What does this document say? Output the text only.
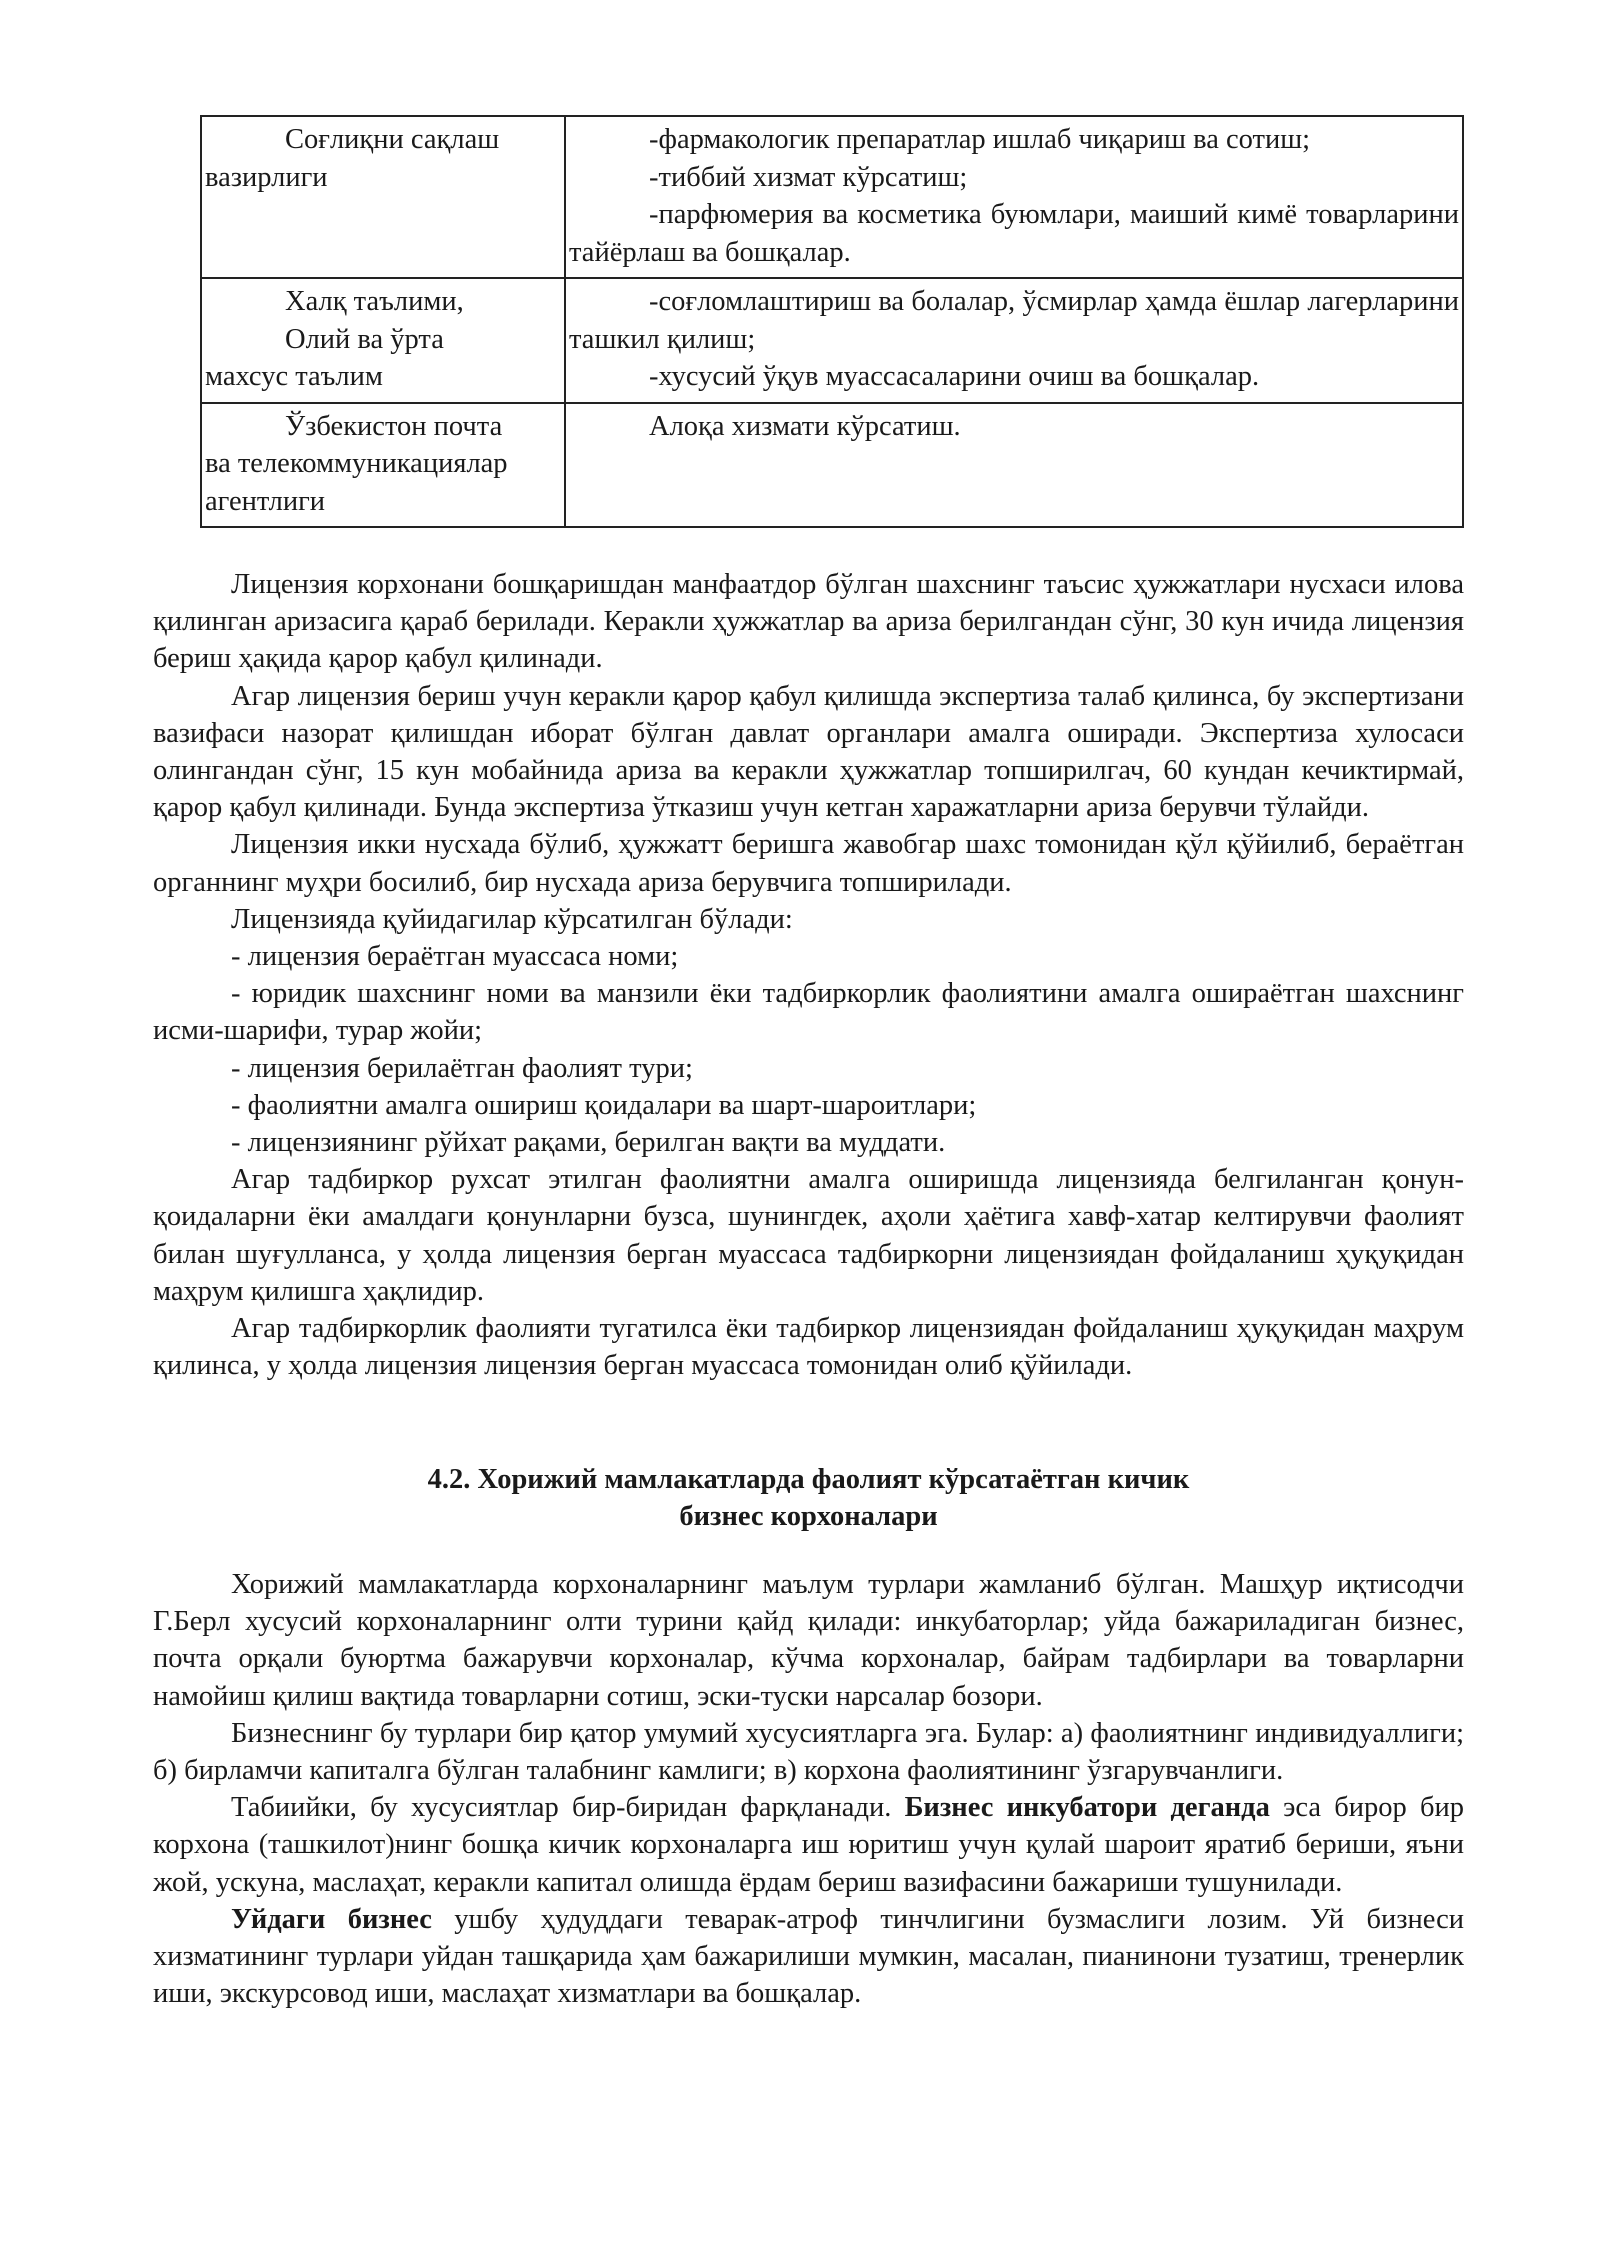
Соғлиқни сақлаш
вазирлиги	-фармакологик препаратлар ишлаб чиқариш ва сотиш;
-тиббий хизмат кўрсатиш;
-парфюмерия ва косметика буюмлари, маиший кимё товарларини тайёрлаш ва бошқалар.

Халқ таълими,
Олий ва ўрта
махсус таълим	-соғломлаштириш ва болалар, ўсмирлар ҳамда ёшлар лагерларини ташкил қилиш;
-хусусий ўқув муассасаларини очиш ва бошқалар.

Ўзбекистон почта
ва телекоммуникациялар
агентлиги	Алоқа хизмати кўрсатиш.

Лицензия корхонани бошқаришдан манфаатдор бўлган шахснинг таъсис ҳужжатлари нусхаси илова қилинган аризасига қараб берилади. Керакли ҳужжатлар ва ариза берилгандан сўнг, 30 кун ичида лицензия бериш ҳақида қарор қабул қилинади.

Агар лицензия бериш учун керакли қарор қабул қилишда экспертиза талаб қилинса, бу экспертизани вазифаси назорат қилишдан иборат бўлган давлат органлари амалга оширади. Экспертиза хулосаси олингандан сўнг, 15 кун мобайнида ариза ва керакли ҳужжатлар топширилгач, 60 кундан кечиктирмай, қарор қабул қилинади. Бунда экспертиза ўтказиш учун кетган харажатларни ариза берувчи тўлайди.

Лицензия икки нусхада бўлиб, ҳужжатт беришга жавобгар шахс томонидан қўл қўйилиб, бераётган органнинг муҳри босилиб, бир нусхада ариза берувчига топширилади.

Лицензияда қуйидагилар кўрсатилган бўлади:

- лицензия бераётган муассаса номи;

- юридик шахснинг номи ва манзили ёки тадбиркорлик фаолиятини амалга ошираётган шахснинг исми-шарифи, турар жойи;

- лицензия берилаётган фаолият тури;

- фаолиятни амалга ошириш қоидалари ва шарт-шароитлари;

- лицензиянинг рўйхат рақами, берилган вақти ва муддати.

Агар тадбиркор рухсат этилган фаолиятни амалга оширишда лицензияда белгиланган қонун-қоидаларни ёки амалдаги қонунларни бузса, шунингдек, аҳоли ҳаётига хавф-хатар келтирувчи фаолият билан шуғулланса, у ҳолда лицензия берган муассаса тадбиркорни лицензиядан фойдаланиш ҳуқуқидан маҳрум қилишга ҳақлидир.

Агар тадбиркорлик фаолияти тугатилса ёки тадбиркор лицензиядан фойдаланиш ҳуқуқидан маҳрум қилинса, у ҳолда лицензия лицензия берган муассаса томонидан олиб қўйилади.

4.2. Хорижий мамлакатларда фаолият кўрсатаётган кичик
бизнес корхоналари

Хорижий мамлакатларда корхоналарнинг маълум турлари жамланиб бўлган. Машҳур иқтисодчи Г.Берл хусусий корхоналарнинг олти турини қайд қилади: инкубаторлар; уйда бажариладиган бизнес, почта орқали буюртма бажарувчи корхоналар, кўчма корхоналар, байрам тадбирлари ва товарларни намойиш қилиш вақтида товарларни сотиш, эски-туски нарсалар бозори.

Бизнеснинг бу турлари бир қатор умумий хусусиятларга эга. Булар: а) фаолиятнинг индивидуаллиги; б) бирламчи капиталга бўлган талабнинг камлиги; в) корхона фаолиятининг ўзгарувчанлиги.

Табиийки, бу хусусиятлар бир-биридан фарқланади. Бизнес инкубатори деганда эса бирор бир корхона (ташкилот)нинг бошқа кичик корхоналарга иш юритиш учун қулай шароит яратиб бериши, яъни жой, ускуна, маслаҳат, керакли капитал олишда ёрдам бериш вазифасини бажариши тушунилади.

Уйдаги бизнес ушбу ҳудуддаги теварак-атроф тинчлигини бузмаслиги лозим. Уй бизнеси хизматининг турлари уйдан ташқарида ҳам бажарилиши мумкин, масалан, пианинони тузатиш, тренерлик иши, экскурсовод иши, маслаҳат хизматлари ва бошқалар.
